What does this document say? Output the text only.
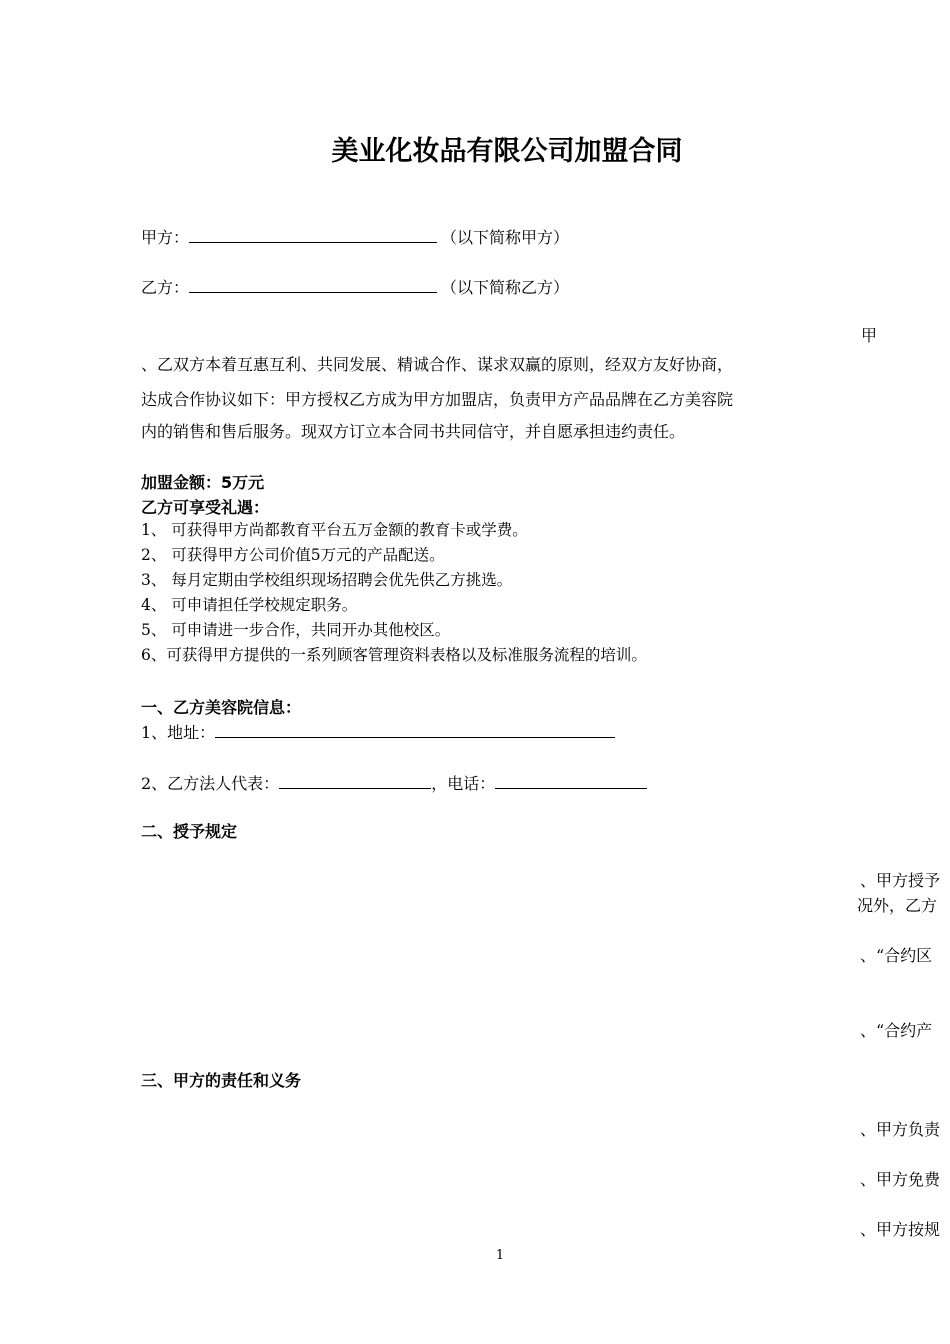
美业化妆品有限公司加盟合同
甲方：	（以下简称甲方）
乙方：	（以下简称乙方）
甲
、乙双方本着互惠互利、共同发展、精诚合作、谋求双赢的原则，经双方友好协商，
达成合作协议如下：甲方授权乙方成为甲方加盟店，负责甲方产品品牌在乙方美容院
内的销售和售后服务。现双方订立本合同书共同信守，并自愿承担违约责任。
加盟金额：5万元
乙方可享受礼遇：
1、 可获得甲方尚都教育平台五万金额的教育卡或学费。
2、 可获得甲方公司价值5万元的产品配送。
3、 每月定期由学校组织现场招聘会优先供乙方挑选。
4、 可申请担任学校规定职务。
5、 可申请进一步合作，共同开办其他校区。
6、可获得甲方提供的一系列顾客管理资料表格以及标准服务流程的培训。
一、乙方美容院信息：
1、地址：
2、乙方法人代表：	，电话：
二、授予规定
、甲方授予
况外，乙方
、“合约区
、“合约产
三、甲方的责任和义务
、甲方负责
、甲方免费
、甲方按规
1
